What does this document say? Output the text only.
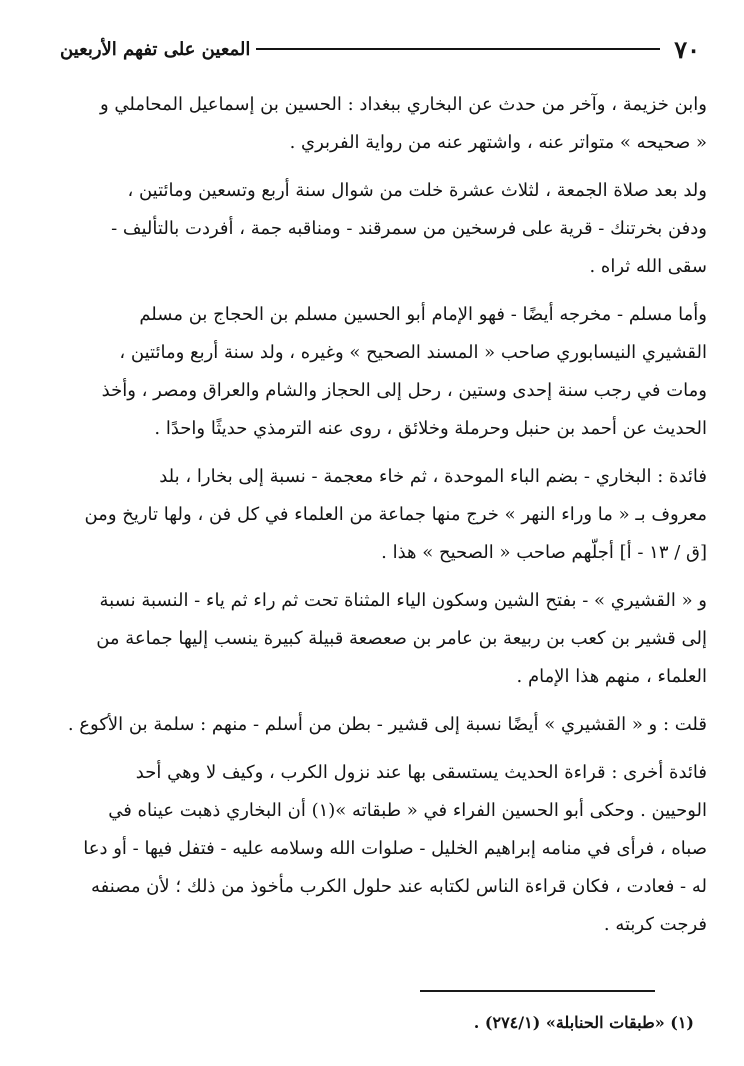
٧٠
المعين على تفهم الأربعين

وابن خزيمة ، وآخر من حدث عن البخاري ببغداد : الحسين بن إسماعيل المحاملي و
« صحيحه » متواتر عنه ، واشتهر عنه من رواية الفربري .

ولد بعد صلاة الجمعة ، لثلاث عشرة خلت من شوال سنة أربع وتسعين ومائتين ،
ودفن بخرتنك - قرية على فرسخين من سمرقند - ومناقبه جمة ، أفردت بالتأليف -
سقى الله ثراه .

وأما مسلم - مخرجه أيضًا - فهو الإمام أبو الحسين مسلم بن الحجاج بن مسلم
القشيري النيسابوري صاحب « المسند الصحيح » وغيره ، ولد سنة أربع ومائتين ،
ومات في رجب سنة إحدى وستين ، رحل إلى الحجاز والشام والعراق ومصر ، وأخذ
الحديث عن أحمد بن حنبل وحرملة وخلائق ، روى عنه الترمذي حديثًا واحدًا .

فائدة : البخاري - بضم الباء الموحدة ، ثم خاء معجمة - نسبة إلى بخارا ، بلد
معروف بـ « ما وراء النهر » خرج منها جماعة من العلماء في كل فن ، ولها تاريخ ومن
[ق / ١٣ - أ] أجلّهم صاحب « الصحيح » هذا .

و « القشيري » - بفتح الشين وسكون الياء المثناة تحت ثم راء ثم ياء - النسبة نسبة
إلى قشير بن كعب بن ربيعة بن عامر بن صعصعة قبيلة كبيرة ينسب إليها جماعة من
العلماء ، منهم هذا الإمام .

قلت : و « القشيري » أيضًا نسبة إلى قشير - بطن من أسلم - منهم : سلمة بن الأكوع .

فائدة أخرى : قراءة الحديث يستسقى بها عند نزول الكرب ، وكيف لا وهي أحد
الوحيين . وحكى أبو الحسين الفراء في « طبقاته »(١) أن البخاري ذهبت عيناه في
صباه ، فرأى في منامه إبراهيم الخليل - صلوات الله وسلامه عليه - فتفل فيها - أو دعا
له - فعادت ، فكان قراءة الناس لكتابه عند حلول الكرب مأخوذ من ذلك ؛ لأن مصنفه
فرجت كربته .

(١) «طبقات الحنابلة» (٢٧٤/١) .
